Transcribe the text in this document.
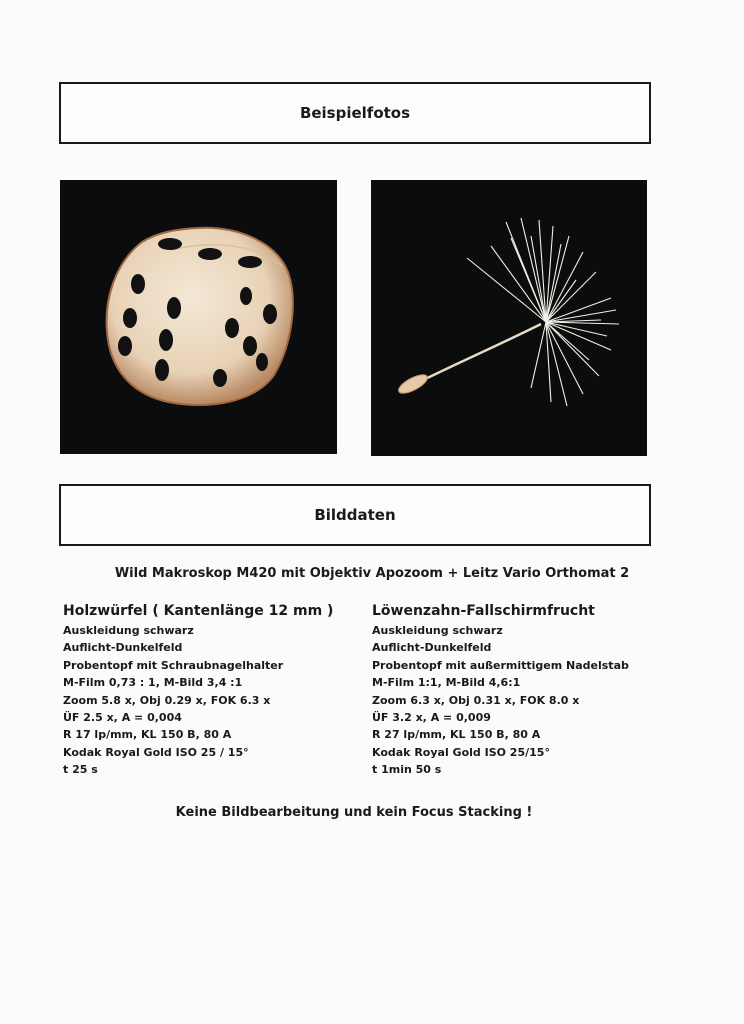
Beispielfotos
Bilddaten
Wild Makroskop M420 mit Objektiv Apozoom + Leitz Vario Orthomat 2
Holzwürfel ( Kantenlänge 12 mm )
Auskleidung schwarz
Auflicht-Dunkelfeld
Probentopf mit Schraubnagelhalter
M-Film 0,73 : 1, M-Bild 3,4 :1
Zoom 5.8 x, Obj 0.29 x, FOK 6.3 x
ÜF 2.5 x, A = 0,004
R 17 lp/mm, KL 150 B, 80 A
Kodak Royal Gold ISO 25 / 15°
t 25 s
Löwenzahn-Fallschirmfrucht
Auskleidung schwarz
Auflicht-Dunkelfeld
Probentopf mit außermittigem Nadelstab
M-Film 1:1, M-Bild 4,6:1
Zoom 6.3 x, Obj 0.31 x, FOK 8.0 x
ÜF 3.2 x, A = 0,009
R 27 lp/mm, KL 150 B, 80 A
Kodak Royal Gold ISO 25/15°
t 1min 50 s
Keine Bildbearbeitung und kein Focus Stacking !
